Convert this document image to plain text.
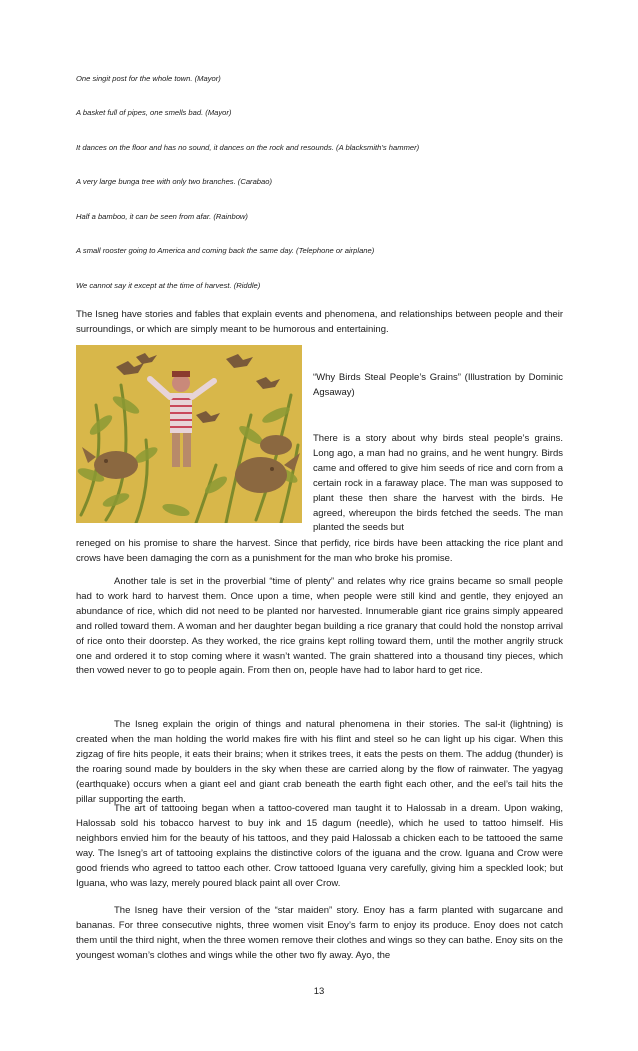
One singit post for the whole town. (Mayor)
A basket full of pipes, one smells bad. (Mayor)
It dances on the floor and has no sound, it dances on the rock and resounds. (A blacksmith’s hammer)
A very large bunga tree with only two branches. (Carabao)
Half a bamboo, it can be seen from afar. (Rainbow)
A small rooster going to America and coming back the same day. (Telephone or airplane)
We cannot say it except at the time of harvest. (Riddle)

The Isneg have stories and fables that explain events and phenomena, and relationships between people and their surroundings, or which are simply meant to be humorous and entertaining.

“Why Birds Steal People’s Grains” (Illustration by Dominic Agsaway)

There is a story about why birds steal people’s grains. Long ago, a man had no grains, and he went hungry. Birds came and offered to give him seeds of rice and corn from a certain rock in a faraway place. The man was supposed to plant these then share the harvest with the birds. He agreed, whereupon the birds fetched the seeds. The man planted the seeds but

reneged on his promise to share the harvest. Since that perfidy, rice birds have been attacking the rice plant and crows have been damaging the corn as a punishment for the man who broke his promise.

Another tale is set in the proverbial “time of plenty” and relates why rice grains became so small people had to work hard to harvest them. Once upon a time, when people were still kind and gentle, they enjoyed an abundance of rice, which did not need to be planted nor harvested. Innumerable giant rice grains simply appeared and rolled toward them. A woman and her daughter began building a rice granary that could hold the nonstop arrival of rice onto their doorstep. As they worked, the rice grains kept rolling toward them, until the mother angrily struck one and ordered it to stop coming where it wasn’t wanted. The grain shattered into a thousand tiny pieces, which then vowed never to go to people again. From then on, people have had to labor hard to get rice.

The Isneg explain the origin of things and natural phenomena in their stories. The sal-it (lightning) is created when the man holding the world makes fire with his flint and steel so he can light up his cigar. When this zigzag of fire hits people, it eats their brains; when it strikes trees, it eats the pests on them. The addug (thunder) is the roaring sound made by boulders in the sky when these are carried along by the flow of rainwater. The yagyag (earthquake) occurs when a giant eel and giant crab beneath the earth fight each other, and the eel’s tail hits the pillar supporting the earth.

The art of tattooing began when a tattoo-covered man taught it to Halossab in a dream. Upon waking, Halossab sold his tobacco harvest to buy ink and 15 dagum (needle), which he used to tattoo himself. His neighbors envied him for the beauty of his tattoos, and they paid Halossab a chicken each to be tattooed the same way. The Isneg’s art of tattooing explains the distinctive colors of the iguana and the crow. Iguana and Crow were good friends who agreed to tattoo each other. Crow tattooed Iguana very carefully, giving him a speckled look; but Iguana, who was lazy, merely poured black paint all over Crow.

The Isneg have their version of the “star maiden” story. Enoy has a farm planted with sugarcane and bananas. For three consecutive nights, three women visit Enoy’s farm to enjoy its produce. Enoy does not catch them until the third night, when the three women remove their clothes and wings so they can bathe. Enoy sits on the youngest woman’s clothes and wings while the other two fly away. Ayo, the

13
